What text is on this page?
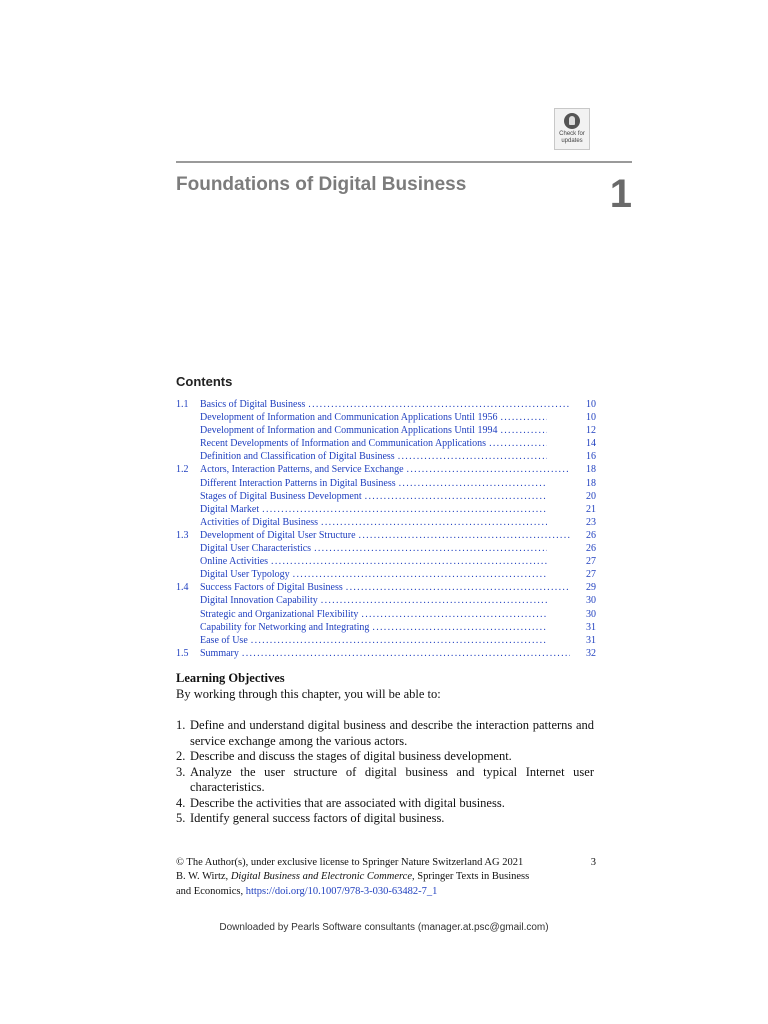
Check for
updates
Foundations of Digital Business	1
Contents
1.1	Basics of Digital Business . . .	10
Development of Information and Communication Applications Until 1956 . . .	10
Development of Information and Communication Applications Until 1994 . . .	12
Recent Developments of Information and Communication Applications . . .	14
Definition and Classification of Digital Business . . .	16
1.2	Actors, Interaction Patterns, and Service Exchange . . .	18
Different Interaction Patterns in Digital Business . . .	18
Stages of Digital Business Development . . .	20
Digital Market . . .	21
Activities of Digital Business . . .	23
1.3	Development of Digital User Structure . . .	26
Digital User Characteristics . . .	26
Online Activities . . .	27
Digital User Typology . . .	27
1.4	Success Factors of Digital Business . . .	29
Digital Innovation Capability . . .	30
Strategic and Organizational Flexibility . . .	30
Capability for Networking and Integrating . . .	31
Ease of Use . . .	31
1.5	Summary . . .	32
Learning Objectives

By working through this chapter, you will be able to:

1. Define and understand digital business and describe the interaction patterns and service exchange among the various actors.
2. Describe and discuss the stages of digital business development.
3. Analyze the user structure of digital business and typical Internet user characteristics.
4. Describe the activities that are associated with digital business.
5. Identify general success factors of digital business.
© The Author(s), under exclusive license to Springer Nature Switzerland AG 2021	3
B. W. Wirtz, Digital Business and Electronic Commerce, Springer Texts in Business
and Economics, https://doi.org/10.1007/978-3-030-63482-7_1
Downloaded by Pearls Software consultants (manager.at.psc@gmail.com)
